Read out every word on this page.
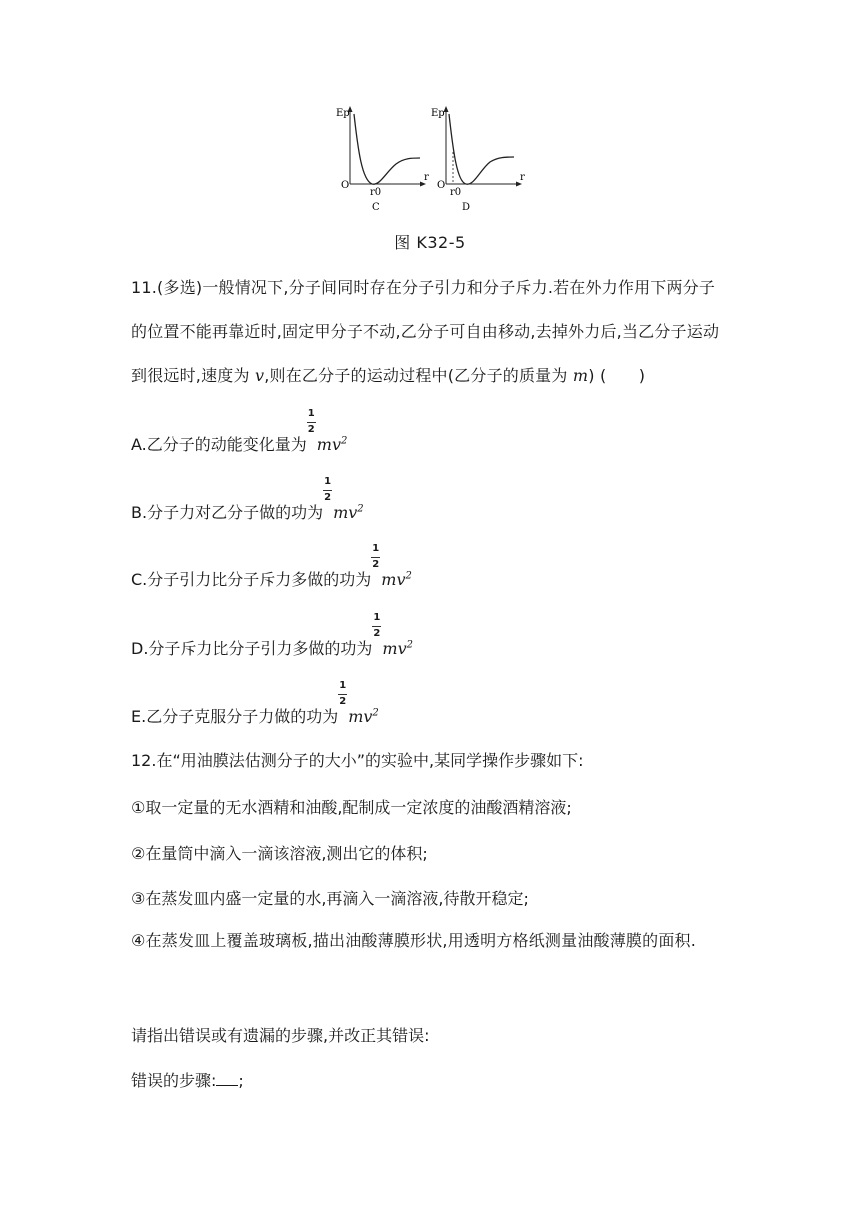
Ep
O
r0
r
C
Ep
O
r0
r
D
图 K32-5
11.(多选)一般情况下,分子间同时存在分子引力和分子斥力.若在外力作用下两分子的位置不能再靠近时,固定甲分子不动,乙分子可自由移动,去掉外力后,当乙分子运动到很远时,速度为 v,则在乙分子的运动过程中(乙分子的质量为 m) (　　)
A.乙分子的动能变化量为 $\frac{1}{2} mv^2$
B.分子力对乙分子做的功为 $\frac{1}{2} mv^2$
C.分子引力比分子斥力多做的功为 $\frac{1}{2} mv^2$
D.分子斥力比分子引力多做的功为 $\frac{1}{2} mv^2$
E.乙分子克服分子力做的功为 $\frac{1}{2} mv^2$
12.在“用油膜法估测分子的大小”的实验中,某同学操作步骤如下:
①取一定量的无水酒精和油酸,配制成一定浓度的油酸酒精溶液;
②在量筒中滴入一滴该溶液,测出它的体积;
③在蒸发皿内盛一定量的水,再滴入一滴溶液,待散开稳定;
④在蒸发皿上覆盖玻璃板,描出油酸薄膜形状,用透明方格纸测量油酸薄膜的面积.
请指出错误或有遗漏的步骤,并改正其错误:
错误的步骤: ;
